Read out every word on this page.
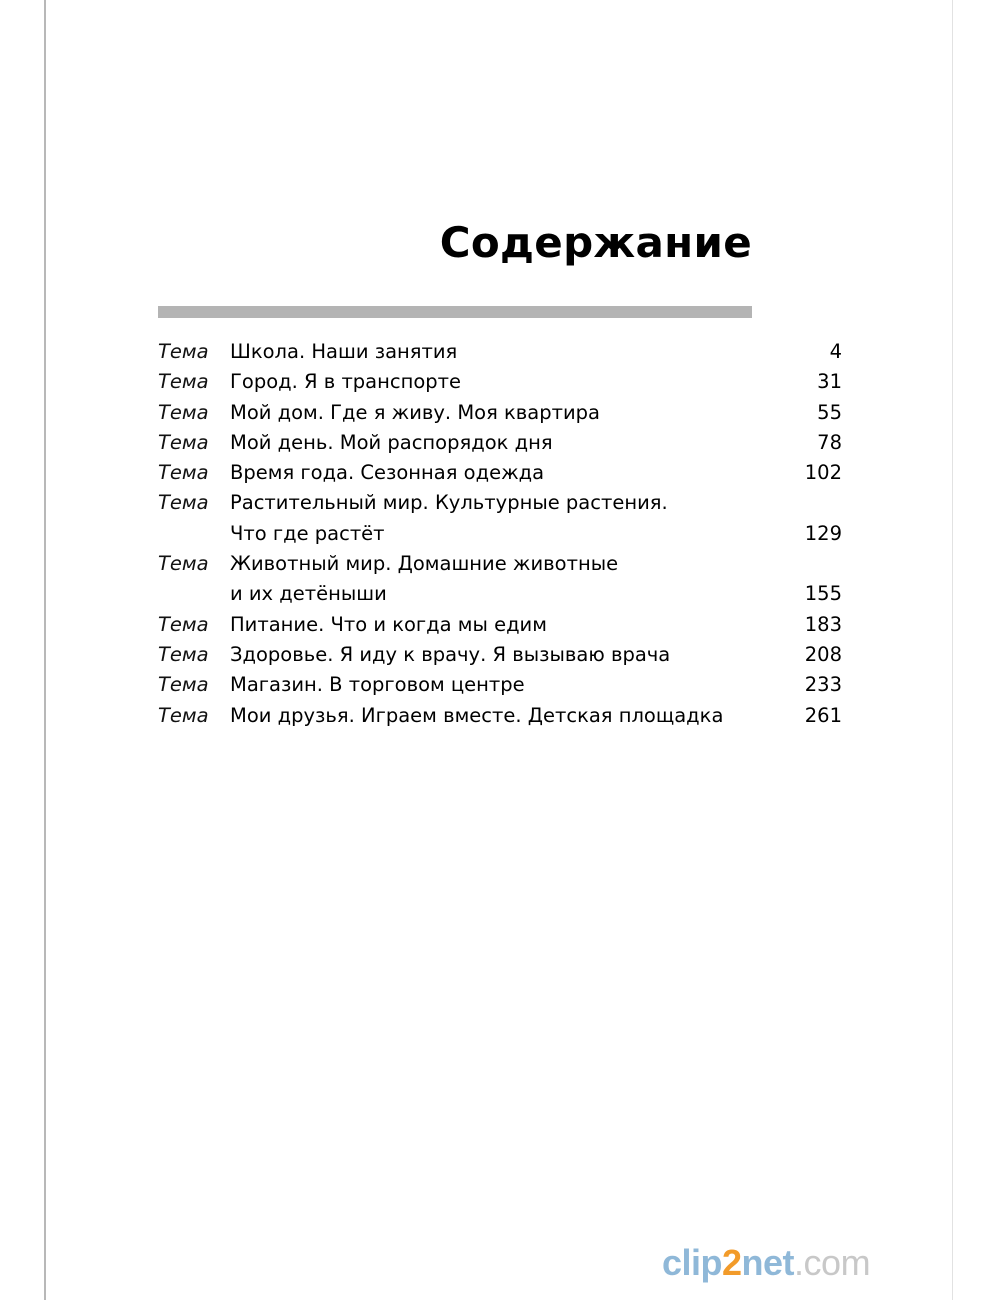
Содержание
Тема Школа. Наши занятия	4
Тема Город. Я в транспорте	31
Тема Мой дом. Где я живу. Моя квартира	55
Тема Мой день. Мой распорядок дня	78
Тема Время года. Сезонная одежда	102
Тема Растительный мир. Культурные растения.
Что где растёт	129
Тема Животный мир. Домашние животные
и их детёныши	155
Тема Питание. Что и когда мы едим	183
Тема Здоровье. Я иду к врачу. Я вызываю врача	208
Тема Магазин. В торговом центре	233
Тема Мои друзья. Играем вместе. Детская площадка	261
clip2net.com
